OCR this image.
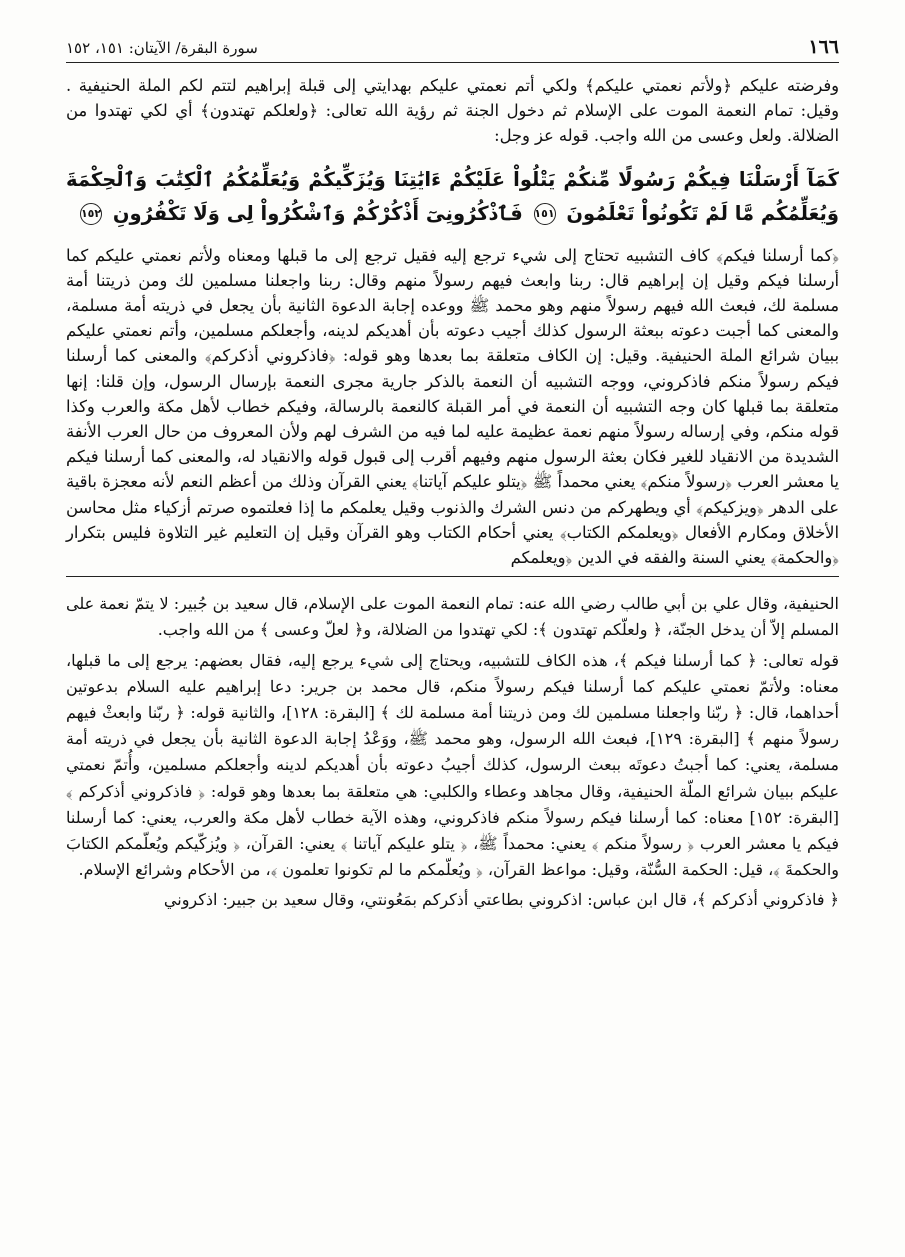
١٦٦
سورة البقرة/ الآيتان: ١٥١، ١٥٢

وفرضته عليكم ﴿ولأتم نعمتي عليكم﴾ ولكي أتم نعمتي عليكم بهدايتي إلى قبلة إبراهيم لتتم لكم الملة الحنيفية . وقيل: تمام النعمة الموت على الإسلام ثم دخول الجنة ثم رؤية الله تعالى: ﴿ولعلكم تهتدون﴾ أي لكي تهتدوا من الضلالة. ولعل وعسى من الله واجب. قوله عز وجل:

كَمَآ أَرْسَلْنَا فِيكُمْ رَسُولًا مِّنكُمْ يَتْلُواْ عَلَيْكُمْ ءَايَٰتِنَا وَيُزَكِّيكُمْ وَيُعَلِّمُكُمُ ٱلْكِتَٰبَ وَٱلْحِكْمَةَ وَيُعَلِّمُكُم مَّا لَمْ تَكُونُواْ تَعْلَمُونَ ١٥١ فَٱذْكُرُونِىٓ أَذْكُرْكُمْ وَٱشْكُرُواْ لِى وَلَا تَكْفُرُونِ ١٥٢

﴿كما أرسلنا فيكم﴾ كاف التشبيه تحتاج إلى شيء ترجع إليه فقيل ترجع إلى ما قبلها ومعناه ولأتم نعمتي عليكم كما أرسلنا فيكم وقيل إن إبراهيم قال: ربنا وابعث فيهم رسولاً منهم وقال: ربنا واجعلنا مسلمين لك ومن ذريتنا أمة مسلمة لك، فبعث الله فيهم رسولاً منهم وهو محمد ﷺ ووعده إجابة الدعوة الثانية بأن يجعل في ذريته أمة مسلمة، والمعنى كما أجبت دعوته ببعثة الرسول كذلك أجيب دعوته بأن أهديكم لدينه، وأجعلكم مسلمين، وأتم نعمتي عليكم ببيان شرائع الملة الحنيفية. وقيل: إن الكاف متعلقة بما بعدها وهو قوله: ﴿فاذكروني أذكركم﴾ والمعنى كما أرسلنا فيكم رسولاً منكم فاذكروني، ووجه التشبيه أن النعمة بالذكر جارية مجرى النعمة بإرسال الرسول، وإن قلنا: إنها متعلقة بما قبلها كان وجه التشبيه أن النعمة في أمر القبلة كالنعمة بالرسالة، وفيكم خطاب لأهل مكة والعرب وكذا قوله منكم، وفي إرساله رسولاً منهم نعمة عظيمة عليه لما فيه من الشرف لهم ولأن المعروف من حال العرب الأنفة الشديدة من الانقياد للغير فكان بعثة الرسول منهم وفيهم أقرب إلى قبول قوله والانقياد له، والمعنى كما أرسلنا فيكم يا معشر العرب ﴿رسولاً منكم﴾ يعني محمداً ﷺ ﴿يتلو عليكم آياتنا﴾ يعني القرآن وذلك من أعظم النعم لأنه معجزة باقية على الدهر ﴿ويزكيكم﴾ أي ويطهركم من دنس الشرك والذنوب وقيل يعلمكم ما إذا فعلتموه صرتم أزكياء مثل محاسن الأخلاق ومكارم الأفعال ﴿ويعلمكم الكتاب﴾ يعني أحكام الكتاب وهو القرآن وقيل إن التعليم غير التلاوة فليس بتكرار ﴿والحكمة﴾ يعني السنة والفقه في الدين ﴿ويعلمكم

الحنيفية، وقال علي بن أبي طالب رضي الله عنه: تمام النعمة الموت على الإسلام، قال سعيد بن جُبير: لا يتمّ نعمة على المسلم إلاّ أن يدخل الجنّة، ﴿ ولعلّكم تهتدون ﴾: لكي تهتدوا من الضلالة، و﴿ لعلّ وعسى ﴾ من الله واجب.

قوله تعالى: ﴿ كما أرسلنا فيكم ﴾، هذه الكاف للتشبيه، ويحتاج إلى شيء يرجع إليه، فقال بعضهم: يرجع إلى ما قبلها، معناه: ولأتمّ نعمتي عليكم كما أرسلنا فيكم رسولاً منكم، قال محمد بن جرير: دعا إبراهيم عليه السلام بدعوتين أحداهما، قال: ﴿ ربّنا واجعلنا مسلمين لك ومن ذريتنا أمة مسلمة لك ﴾ [البقرة: ١٢٨]، والثانية قوله: ﴿ ربّنا وابعثْ فيهم رسولاً منهم ﴾ [البقرة: ١٢٩]، فبعث الله الرسول، وهو محمد ﷺ، ووَعْدُ إجابة الدعوة الثانية بأن يجعل في ذريته أمة مسلمة، يعني: كما أجبتُ دعوتَه ببعث الرسول، كذلك أجيبُ دعوته بأن أهديكم لدينه وأجعلكم مسلمين، وأُتمّ نعمتي عليكم ببيان شرائع الملّة الحنيفية، وقال مجاهد وعطاء والكلبي: هي متعلقة بما بعدها وهو قوله: ﴿ فاذكروني أذكركم ﴾ [البقرة: ١٥٢] معناه: كما أرسلنا فيكم رسولاً منكم فاذكروني، وهذه الآية خطاب لأهل مكة والعرب، يعني: كما أرسلنا فيكم يا معشر العرب ﴿ رسولاً منكم ﴾ يعني: محمداً ﷺ، ﴿ يتلو عليكم آياتنا ﴾ يعني: القرآن، ﴿ ويُزكّيكم ويُعلّمكم الكتابَ والحكمةَ ﴾، قيل: الحكمة السُّنّة، وقيل: مواعظ القرآن، ﴿ ويُعلّمكم ما لم تكونوا تعلمون ﴾، من الأحكام وشرائع الإسلام.

﴿ فاذكروني أذكركم ﴾، قال ابن عباس: اذكروني بطاعتي أذكركم بمَعُونتي، وقال سعيد بن جبير: اذكروني
